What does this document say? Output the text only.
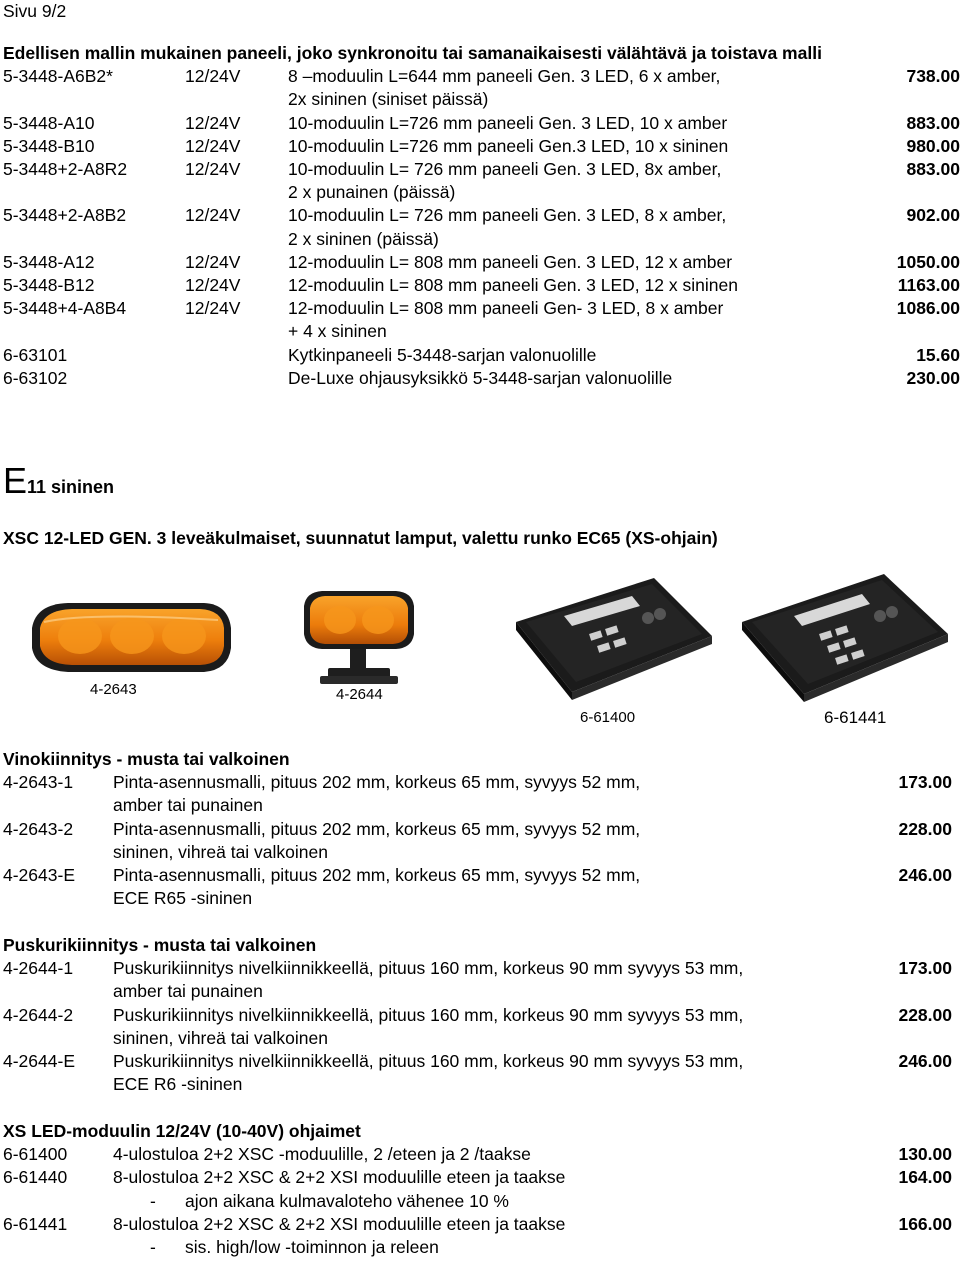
Sivu 9/2
Edellisen mallin mukainen paneeli, joko synkronoitu tai samanaikaisesti välähtävä ja toistava malli
5-3448-A6B2*	12/24V	8 –moduulin L=644 mm paneeli Gen. 3 LED, 6 x amber,	738.00
2x sininen (siniset päissä)
5-3448-A10	12/24V	10-moduulin L=726 mm paneeli Gen. 3 LED, 10 x amber	883.00
5-3448-B10	12/24V	10-moduulin L=726 mm paneeli Gen.3 LED, 10 x sininen	980.00
5-3448+2-A8R2	12/24V	10-moduulin L= 726 mm paneeli Gen. 3 LED, 8x amber,	883.00
2 x punainen (päissä)
5-3448+2-A8B2	12/24V	10-moduulin L= 726 mm paneeli Gen. 3 LED, 8 x amber,	902.00
2 x sininen (päissä)
5-3448-A12	12/24V	12-moduulin L= 808 mm paneeli Gen. 3 LED, 12 x amber	1050.00
5-3448-B12	12/24V	12-moduulin L= 808 mm paneeli Gen. 3 LED, 12 x sininen	1163.00
5-3448+4-A8B4	12/24V	12-moduulin L= 808 mm paneeli Gen- 3 LED, 8 x amber	1086.00
+ 4 x sininen
6-63101	Kytkinpaneeli 5-3448-sarjan valonuolille	15.60
6-63102	De-Luxe ohjausyksikkö 5-3448-sarjan valonuolille	230.00
E11 sininen
XSC 12-LED GEN. 3 leveäkulmaiset, suunnatut lamput, valettu runko EC65 (XS-ohjain)
4-2643	4-2644
6-61400	6-61441
Vinokiinnitys - musta tai valkoinen
4-2643-1	Pinta-asennusmalli, pituus 202 mm, korkeus 65 mm, syvyys 52 mm,	173.00
amber tai punainen
4-2643-2	Pinta-asennusmalli, pituus 202 mm, korkeus 65 mm, syvyys 52 mm,	228.00
sininen, vihreä tai valkoinen
4-2643-E	Pinta-asennusmalli, pituus 202 mm, korkeus 65 mm, syvyys 52 mm,	246.00
ECE R65 -sininen
Puskurikiinnitys - musta tai valkoinen
4-2644-1	Puskurikiinnitys nivelkiinnikkeellä, pituus 160 mm, korkeus 90 mm syvyys 53 mm,	173.00
amber tai punainen
4-2644-2	Puskurikiinnitys nivelkiinnikkeellä, pituus 160 mm, korkeus 90 mm syvyys 53 mm,	228.00
sininen, vihreä tai valkoinen
4-2644-E	Puskurikiinnitys nivelkiinnikkeellä, pituus 160 mm, korkeus 90 mm syvyys 53 mm,	246.00
ECE R6 -sininen
XS LED-moduulin 12/24V (10-40V) ohjaimet
6-61400	4-ulostuloa 2+2 XSC -moduulille, 2 /eteen ja 2 /taakse	130.00
6-61440	8-ulostuloa 2+2 XSC & 2+2 XSI moduulille eteen ja taakse	164.00
-	ajon aikana kulmavaloteho vähenee 10 %
6-61441	8-ulostuloa 2+2 XSC & 2+2 XSI moduulille eteen ja taakse	166.00
-	sis. high/low -toiminnon ja releen
